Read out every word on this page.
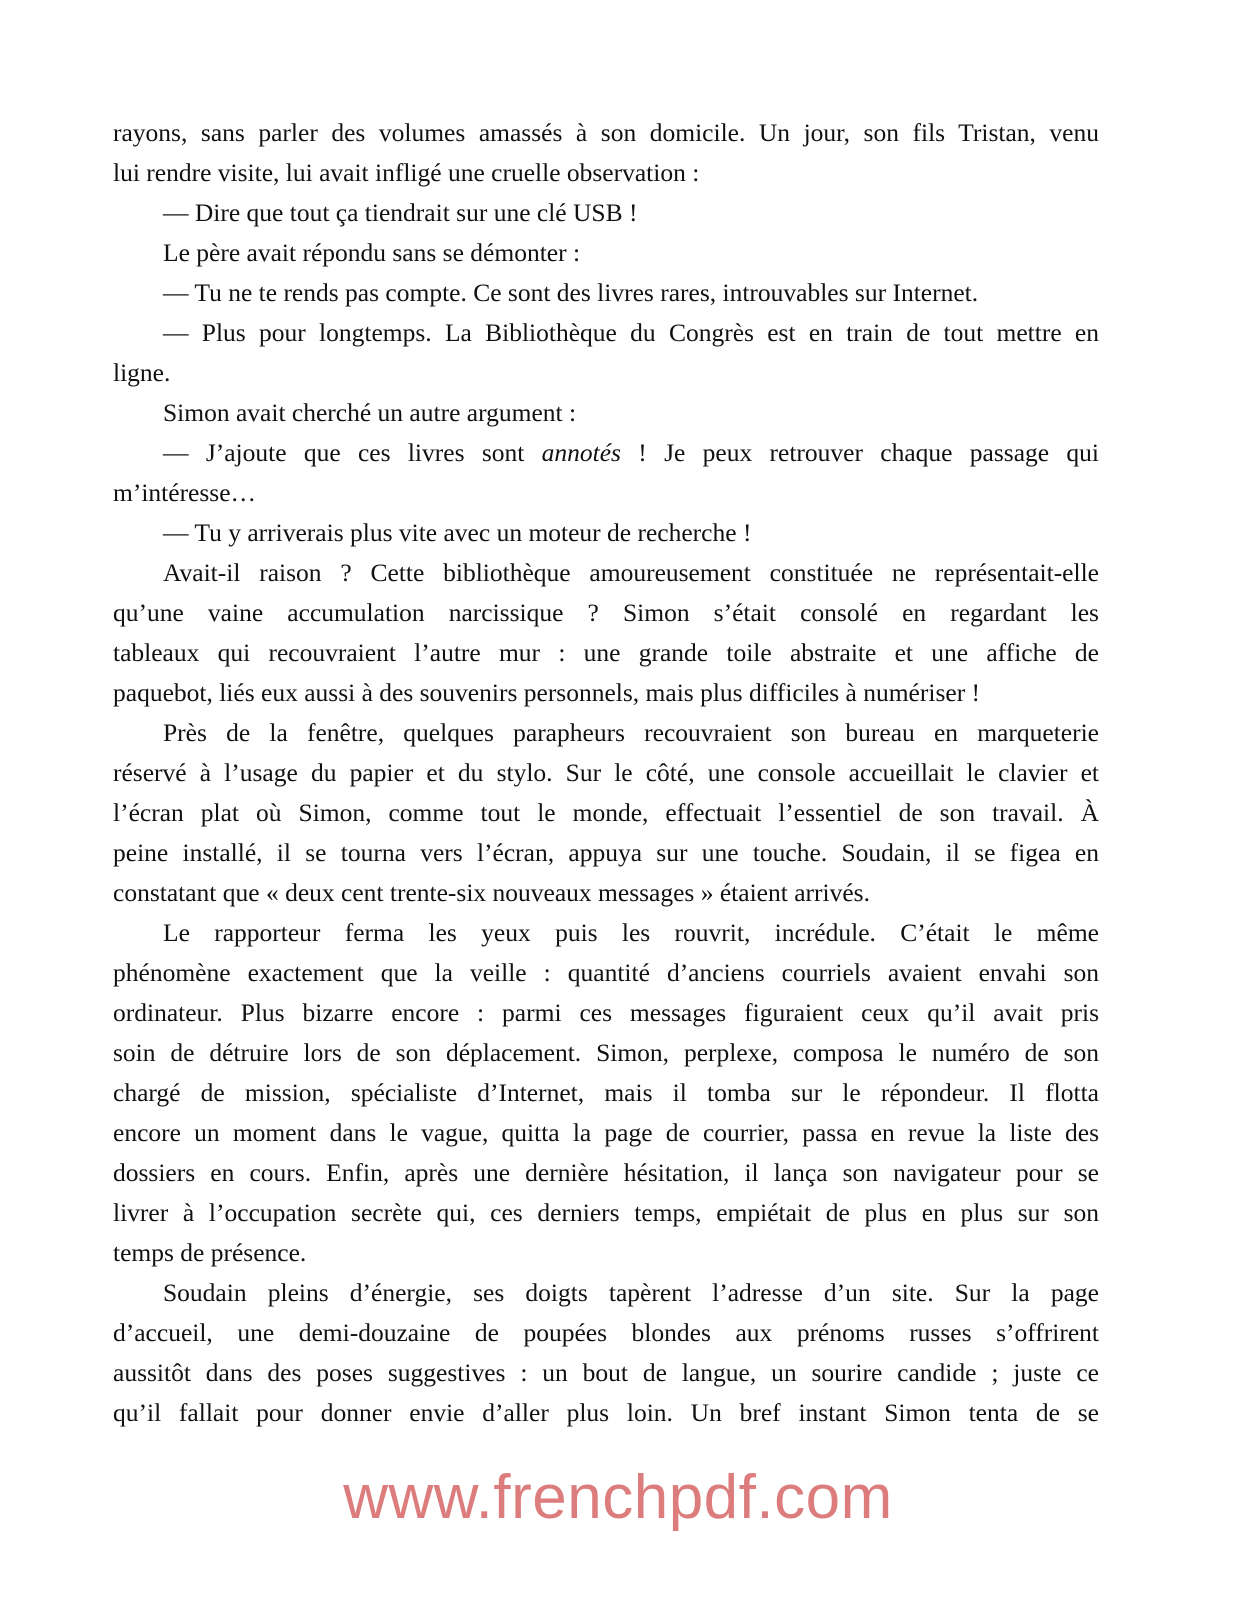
rayons, sans parler des volumes amassés à son domicile. Un jour, son fils Tristan, venu
lui rendre visite, lui avait infligé une cruelle observation :
— Dire que tout ça tiendrait sur une clé USB !
Le père avait répondu sans se démonter :
— Tu ne te rends pas compte. Ce sont des livres rares, introuvables sur Internet.
— Plus pour longtemps. La Bibliothèque du Congrès est en train de tout mettre en
ligne.
Simon avait cherché un autre argument :
— J’ajoute que ces livres sont annotés ! Je peux retrouver chaque passage qui
m’intéresse…
— Tu y arriverais plus vite avec un moteur de recherche !
Avait-il raison ? Cette bibliothèque amoureusement constituée ne représentait-elle
qu’une vaine accumulation narcissique ? Simon s’était consolé en regardant les
tableaux qui recouvraient l’autre mur : une grande toile abstraite et une affiche de
paquebot, liés eux aussi à des souvenirs personnels, mais plus difficiles à numériser !
Près de la fenêtre, quelques parapheurs recouvraient son bureau en marqueterie
réservé à l’usage du papier et du stylo. Sur le côté, une console accueillait le clavier et
l’écran plat où Simon, comme tout le monde, effectuait l’essentiel de son travail. À
peine installé, il se tourna vers l’écran, appuya sur une touche. Soudain, il se figea en
constatant que « deux cent trente-six nouveaux messages » étaient arrivés.
Le rapporteur ferma les yeux puis les rouvrit, incrédule. C’était le même
phénomène exactement que la veille : quantité d’anciens courriels avaient envahi son
ordinateur. Plus bizarre encore : parmi ces messages figuraient ceux qu’il avait pris
soin de détruire lors de son déplacement. Simon, perplexe, composa le numéro de son
chargé de mission, spécialiste d’Internet, mais il tomba sur le répondeur. Il flotta
encore un moment dans le vague, quitta la page de courrier, passa en revue la liste des
dossiers en cours. Enfin, après une dernière hésitation, il lança son navigateur pour se
livrer à l’occupation secrète qui, ces derniers temps, empiétait de plus en plus sur son
temps de présence.
Soudain pleins d’énergie, ses doigts tapèrent l’adresse d’un site. Sur la page
d’accueil, une demi-douzaine de poupées blondes aux prénoms russes s’offrirent
aussitôt dans des poses suggestives : un bout de langue, un sourire candide ; juste ce
qu’il fallait pour donner envie d’aller plus loin. Un bref instant Simon tenta de se
www.frenchpdf.com
